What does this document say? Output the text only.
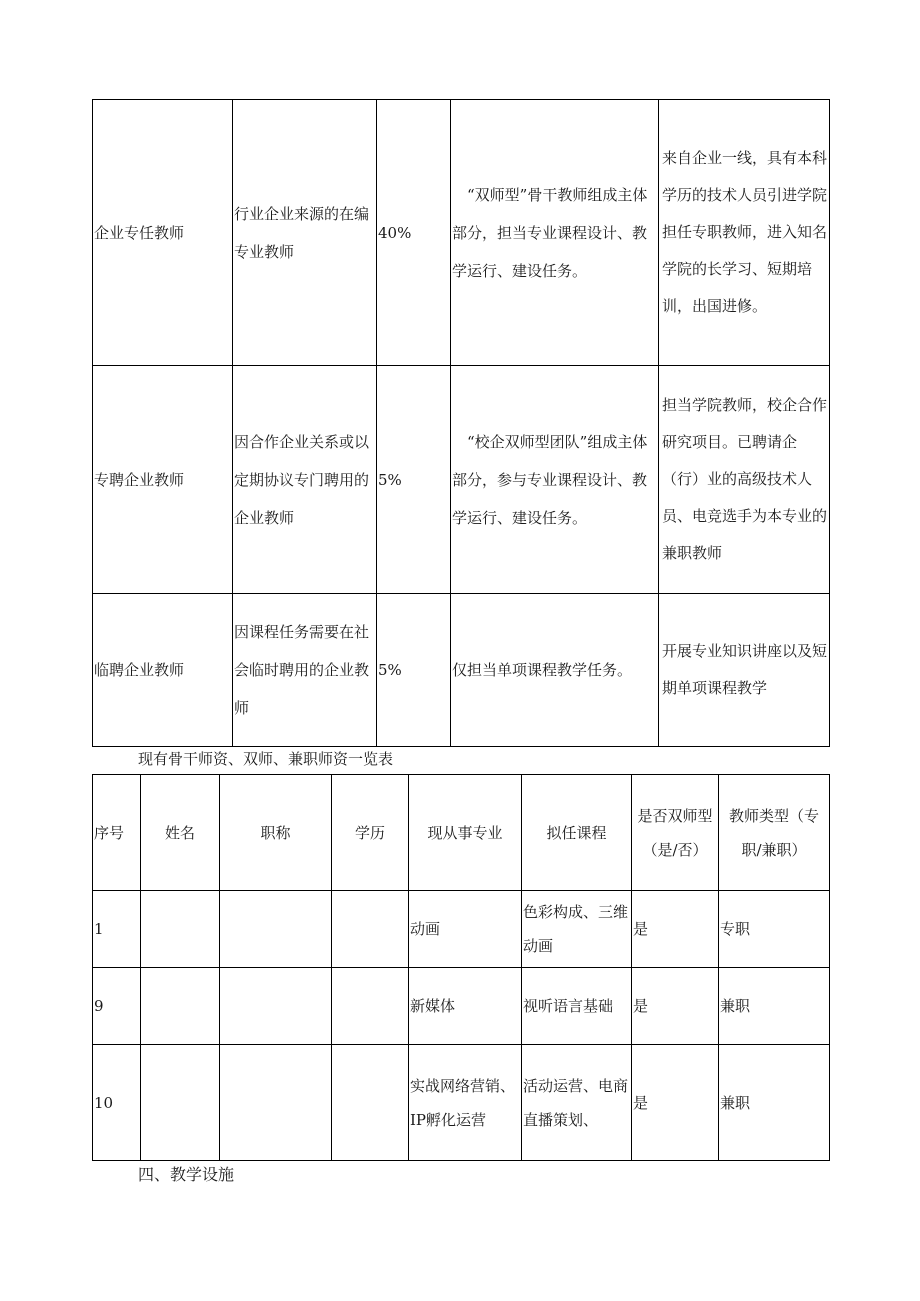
企业专任教师	行业企业来源的在编专业教师	40%	“双师型”骨干教师组成主体部分，担当专业课程设计、教学运行、建设任务。	来自企业一线，具有本科学历的技术人员引进学院担任专职教师，进入知名学院的长学习、短期培训，出国进修。
专聘企业教师	因合作企业关系或以定期协议专门聘用的企业教师	5%	“校企双师型团队”组成主体部分，参与专业课程设计、教学运行、建设任务。	担当学院教师，校企合作研究项目。已聘请企（行）业的高级技术人员、电竞选手为本专业的兼职教师
临聘企业教师	因课程任务需要在社会临时聘用的企业教师	5%	仅担当单项课程教学任务。	开展专业知识讲座以及短期单项课程教学
现有骨干师资、双师、兼职师资一览表
序号	姓名	职称	学历	现从事专业	拟任课程	是否双师型（是/否）	教师类型（专职/兼职）
1				动画	色彩构成、三维动画	是	专职
9				新媒体	视听语言基础	是	兼职
10				实战网络营销、IP孵化运营	活动运营、电商直播策划、	是	兼职
四、教学设施
